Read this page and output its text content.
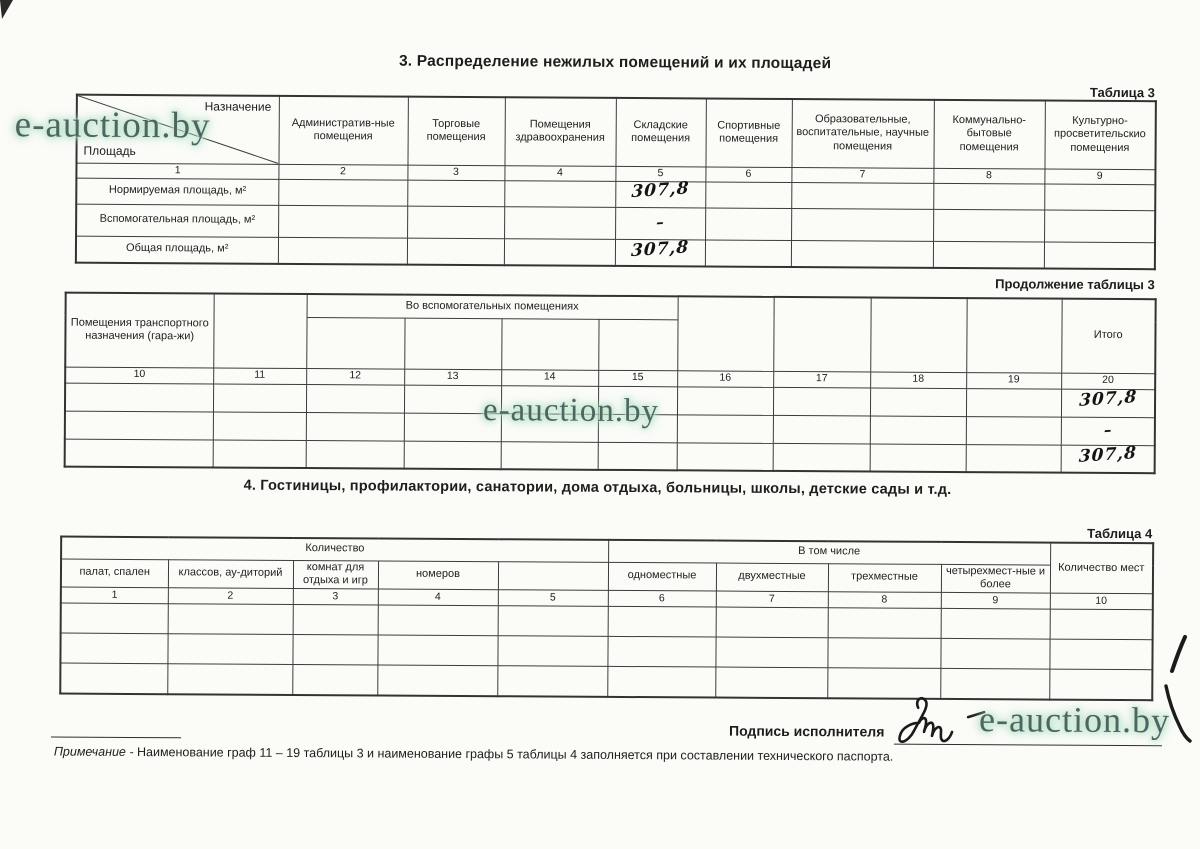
e-auction.by
e-auction.by
e-auction.by
3. Распределение нежилых помещений и их площадей
Таблица 3
Назначение
Площадь	Административ-ные помещения	Торговые помещения	Помещения здравоохранения	Складские помещения	Спортивные помещения	Образовательные, воспитательные, научные помещения	Коммунально-бытовые помещения	Культурно-просветительскио помещения
1	2	3	4	5	6	7	8	9
Нормируемая площадь, м²				307,8				
Вспомогательная площадь, м²				–				
Общая площадь, м²				307,8				
Продолжение таблицы 3
Помещения транспортного назначения (гара-жи)		Во вспомогательных помещениях								Итого

10	11	12	13	14	15	16	17	18	19	20
										307,8
										–
										307,8
4. Гостиницы, профилактории, санатории, дома отдыха, больницы, школы, детские сады и т.д.
Таблица 4
Количество					В том числе				Количество мест
палат, спален	классов, ау-диторий	комнат для отдыха и игр	номеров		одноместные	двухместные	трехместные	четырехмест-ные и более	
1	2	3	4	5	6	7	8	9	10

Подпись исполнителя
Примечание - Наименование граф 11 – 19 таблицы 3 и наименование графы 5 таблицы 4 заполняется при составлении технического паспорта.
